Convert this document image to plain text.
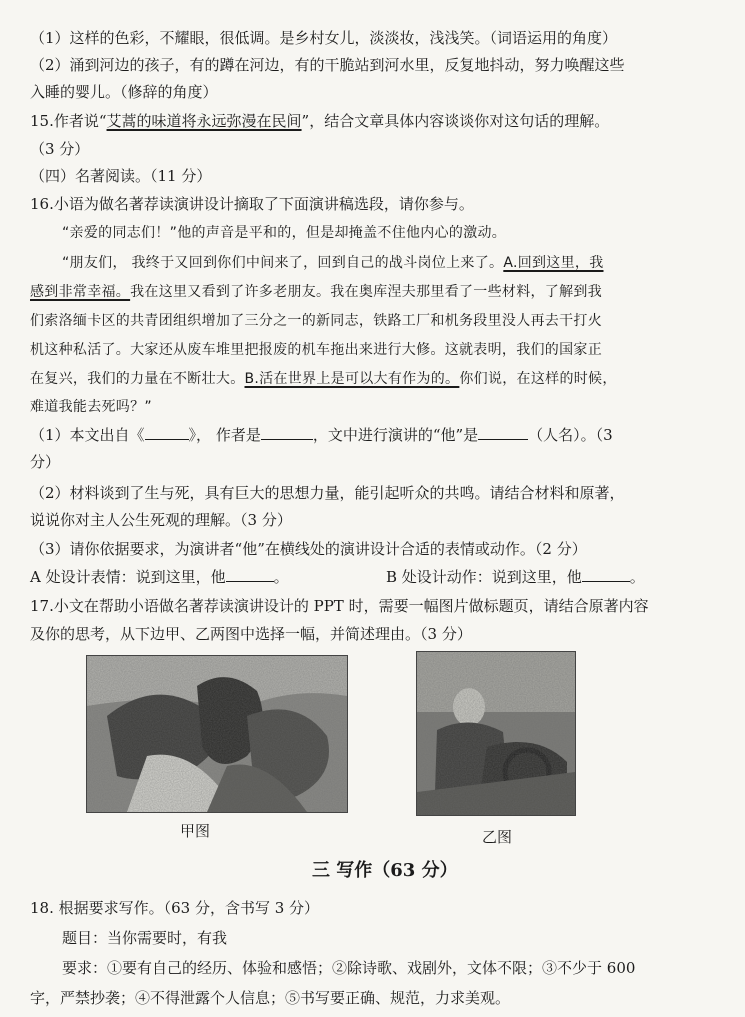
（1）这样的色彩，不耀眼，很低调。是乡村女儿，淡淡妆，浅浅笑。（词语运用的角度）
（2）涌到河边的孩子，有的蹲在河边，有的干脆站到河水里，反复地抖动，努力唤醒这些
入睡的婴儿。（修辞的角度）
15.作者说“艾蒿的味道将永远弥漫在民间”，结合文章具体内容谈谈你对这句话的理解。
（3 分）
（四）名著阅读。（11 分）
16.小语为做名著荐读演讲设计摘取了下面演讲稿选段，请你参与。
“亲爱的同志们！”他的声音是平和的，但是却掩盖不住他内心的激动。
“朋友们， 我终于又回到你们中间来了，回到自己的战斗岗位上来了。A.回到这里，我
感到非常幸福。我在这里又看到了许多老朋友。我在奥库涅夫那里看了一些材料，了解到我
们索洛缅卡区的共青团组织增加了三分之一的新同志，铁路工厂和机务段里没人再去干打火
机这种私活了。大家还从废车堆里把报废的机车拖出来进行大修。这就表明，我们的国家正
在复兴，我们的力量在不断壮大。B.活在世界上是可以大有作为的。你们说，在这样的时候，
难道我能去死吗？”
（1）本文出自《	》， 作者是	，文中进行演讲的“他”是	（人名）。（3
分）
（2）材料谈到了生与死，具有巨大的思想力量，能引起听众的共鸣。请结合材料和原著，
说说你对主人公生死观的理解。（3 分）
（3）请你依据要求，为演讲者“他”在横线处的演讲设计合适的表情或动作。（2 分）
A 处设计表情：说到这里，他	。	B 处设计动作：说到这里，他	。
17.小文在帮助小语做名著荐读演讲设计的 PPT 时，需要一幅图片做标题页，请结合原著内容
及你的思考，从下边甲、乙两图中选择一幅，并简述理由。（3 分）
甲图	乙图
三 写作（63 分）
18. 根据要求写作。（63 分，含书写 3 分）
题目：当你需要时，有我
要求：①要有自己的经历、体验和感悟；②除诗歌、戏剧外，文体不限；③不少于 600
字，严禁抄袭；④不得泄露个人信息；⑤书写要正确、规范，力求美观。
